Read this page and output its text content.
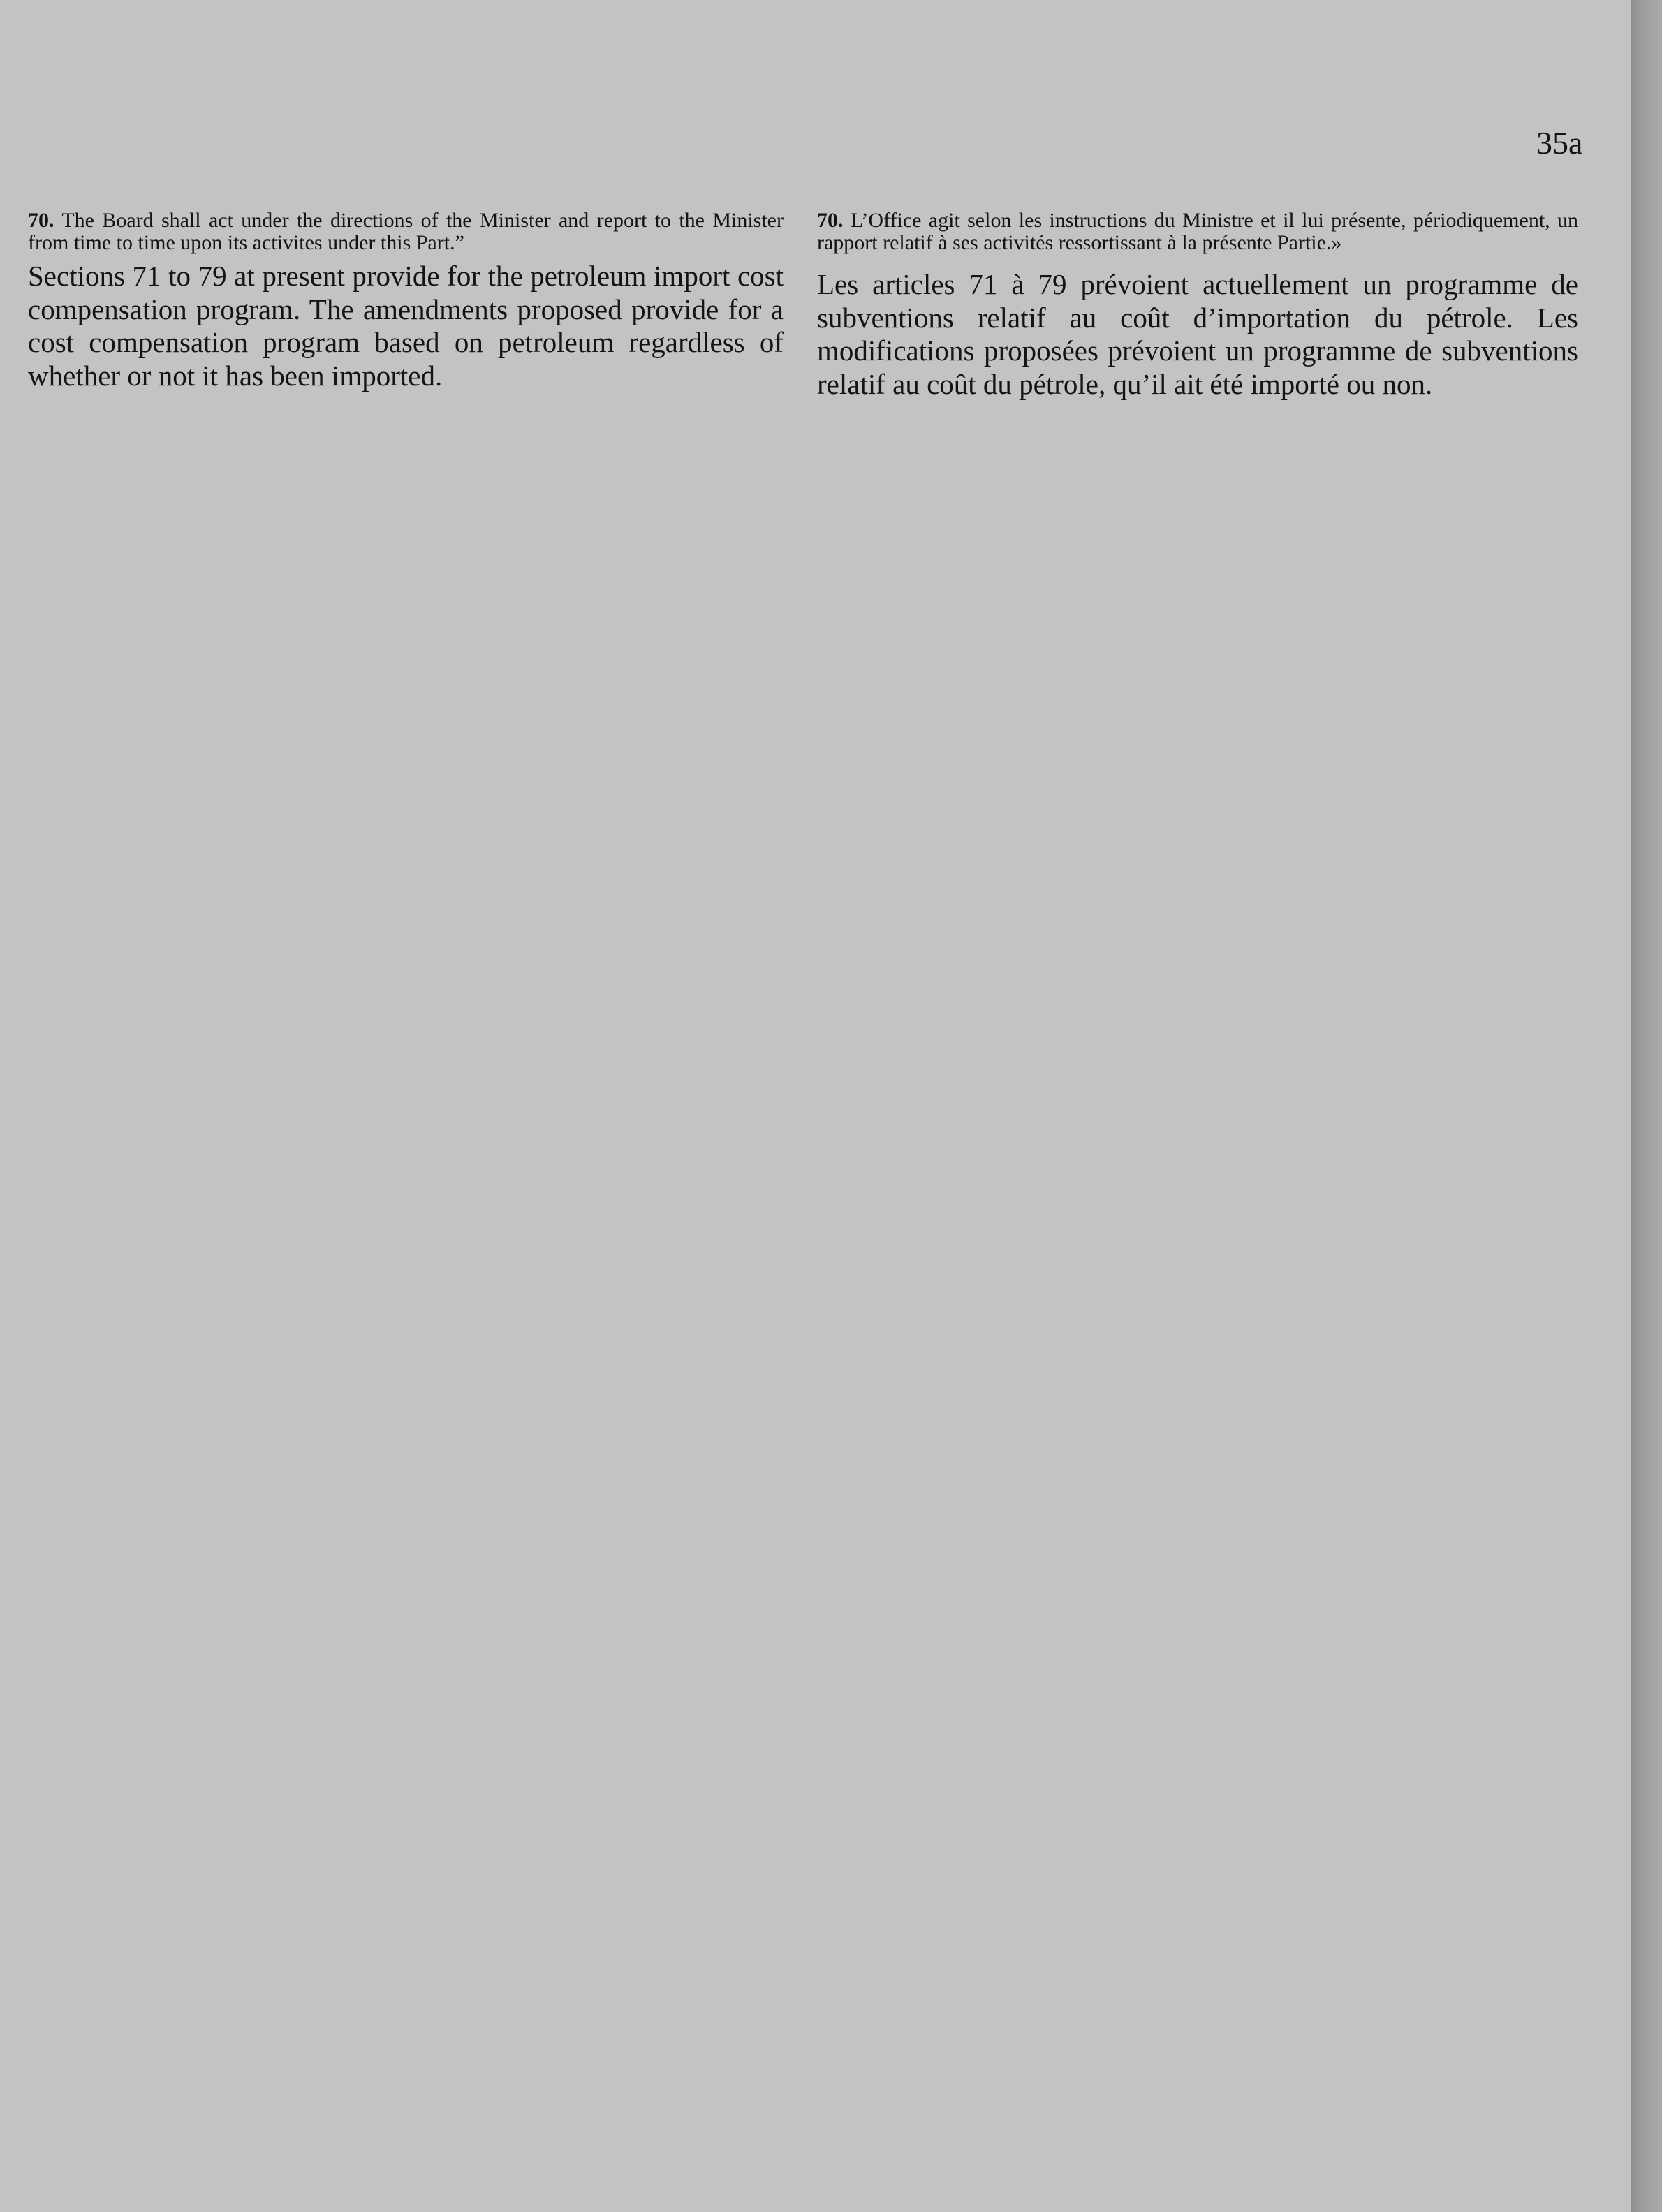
35a

70. The Board shall act under the directions of the Minister and report to the Minister from time to time upon its activites under this Part.”

Sections 71 to 79 at present provide for the petroleum import cost compensation program. The amendments proposed provide for a cost compensation program based on petroleum regardless of whether or not it has been imported.

70. L’Office agit selon les instructions du Ministre et il lui présente, périodiquement, un rapport relatif à ses activités ressortissant à la présente Partie.»

Les articles 71 à 79 prévoient actuellement un programme de subventions relatif au coût d’importation du pétrole. Les modifications proposées prévoient un programme de subventions relatif au coût du pétrole, qu’il ait été importé ou non.
